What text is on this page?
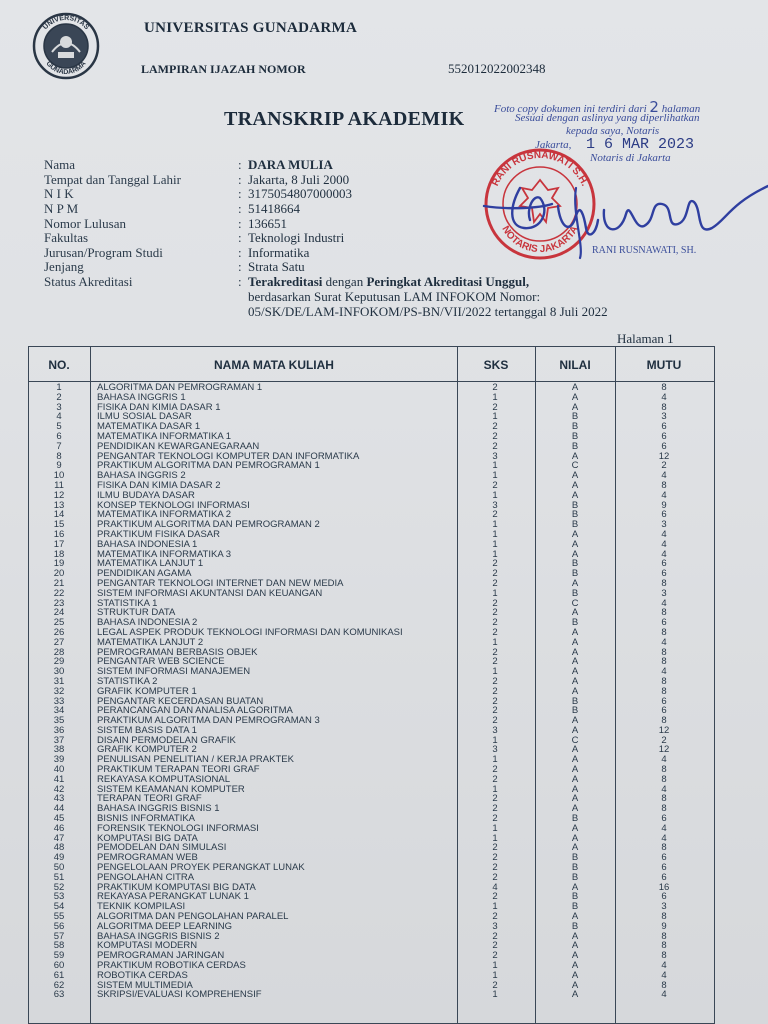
UNIVERSITAS
GUNADARMA
UNIVERSITAS GUNADARMA
LAMPIRAN IJAZAH NOMOR	55201202200234​8
TRANSKRIP AKADEMIK	Foto copy dokumen ini terdiri dari 2 halaman
Sesuai dengan aslinya yang diperlihatkan
kepada saya, Notaris
Jakarta, 1 6 MAR 2023
Notaris di Jakarta
RANI RUSNAWATI, SH.
RANI RUSNAWATI S.H.
NOTARIS JAKARTA
Nama	: DARA MULIA
Tempat dan Tanggal Lahir	: Jakarta, 8 Juli 2000
N I K	: 3175054807000003
N P M	: 51418664
Nomor Lulusan	: 136651
Fakultas	: Teknologi Industri
Jurusan/Program Studi	: Informatika
Jenjang	: Strata Satu
Status Akreditasi	: Terakreditasi dengan Peringkat Akreditasi Unggul,
berdasarkan Surat Keputusan LAM INFOKOM Nomor:
05/SK/DE/LAM-INFOKOM/PS-BN/VII/2022 tertanggal 8 Juli 2022
Halaman 1
NO.	NAMA MATA KULIAH	SKS	NILAI	MUTU
1	ALGORITMA DAN PEMROGRAMAN 1	2	A	8
2	BAHASA INGGRIS 1	1	A	4
3	FISIKA DAN KIMIA DASAR 1	2	A	8
4	ILMU SOSIAL DASAR	1	B	3
5	MATEMATIKA DASAR 1	2	B	6
6	MATEMATIKA INFORMATIKA 1	2	B	6
7	PENDIDIKAN KEWARGANEGARAAN	2	B	6
8	PENGANTAR TEKNOLOGI KOMPUTER DAN INFORMATIKA	3	A	12
9	PRAKTIKUM ALGORITMA DAN PEMROGRAMAN 1	1	C	2
10	BAHASA INGGRIS 2	1	A	4
11	FISIKA DAN KIMIA DASAR 2	2	A	8
12	ILMU BUDAYA DASAR	1	A	4
13	KONSEP TEKNOLOGI INFORMASI	3	B	9
14	MATEMATIKA INFORMATIKA 2	2	B	6
15	PRAKTIKUM ALGORITMA DAN PEMROGRAMAN 2	1	B	3
16	PRAKTIKUM FISIKA DASAR	1	A	4
17	BAHASA INDONESIA 1	1	A	4
18	MATEMATIKA INFORMATIKA 3	1	A	4
19	MATEMATIKA LANJUT 1	2	B	6
20	PENDIDIKAN AGAMA	2	B	6
21	PENGANTAR TEKNOLOGI INTERNET DAN NEW MEDIA	2	A	8
22	SISTEM INFORMASI AKUNTANSI DAN KEUANGAN	1	B	3
23	STATISTIKA 1	2	C	4
24	STRUKTUR DATA	2	A	8
25	BAHASA INDONESIA 2	2	B	6
26	LEGAL ASPEK PRODUK TEKNOLOGI INFORMASI DAN KOMUNIKASI	2	A	8
27	MATEMATIKA LANJUT 2	1	A	4
28	PEMROGRAMAN BERBASIS OBJEK	2	A	8
29	PENGANTAR WEB SCIENCE	2	A	8
30	SISTEM INFORMASI MANAJEMEN	1	A	4
31	STATISTIKA 2	2	A	8
32	GRAFIK KOMPUTER 1	2	A	8
33	PENGANTAR KECERDASAN BUATAN	2	B	6
34	PERANCANGAN DAN ANALISA ALGORITMA	2	B	6
35	PRAKTIKUM ALGORITMA DAN PEMROGRAMAN 3	2	A	8
36	SISTEM BASIS DATA 1	3	A	12
37	DISAIN PERMODELAN GRAFIK	1	C	2
38	GRAFIK KOMPUTER 2	3	A	12
39	PENULISAN PENELITIAN / KERJA PRAKTEK	1	A	4
40	PRAKTIKUM TERAPAN TEORI GRAF	2	A	8
41	REKAYASA KOMPUTASIONAL	2	A	8
42	SISTEM KEAMANAN KOMPUTER	1	A	4
43	TERAPAN TEORI GRAF	2	A	8
44	BAHASA INGGRIS BISNIS 1	2	A	8
45	BISNIS INFORMATIKA	2	B	6
46	FORENSIK TEKNOLOGI INFORMASI	1	A	4
47	KOMPUTASI BIG DATA	1	A	4
48	PEMODELAN DAN SIMULASI	2	A	8
49	PEMROGRAMAN WEB	2	B	6
50	PENGELOLAAN PROYEK PERANGKAT LUNAK	2	B	6
51	PENGOLAHAN CITRA	2	B	6
52	PRAKTIKUM KOMPUTASI BIG DATA	4	A	16
53	REKAYASA PERANGKAT LUNAK 1	2	B	6
54	TEKNIK KOMPILASI	1	B	3
55	ALGORITMA DAN PENGOLAHAN PARALEL	2	A	8
56	ALGORITMA DEEP LEARNING	3	B	9
57	BAHASA INGGRIS BISNIS 2	2	A	8
58	KOMPUTASI MODERN	2	A	8
59	PEMROGRAMAN JARINGAN	2	A	8
60	PRAKTIKUM ROBOTIKA CERDAS	1	A	4
61	ROBOTIKA CERDAS	1	A	4
62	SISTEM MULTIMEDIA	2	A	8
63	SKRIPSI/EVALUASI KOMPREHENSIF	1	A	4
